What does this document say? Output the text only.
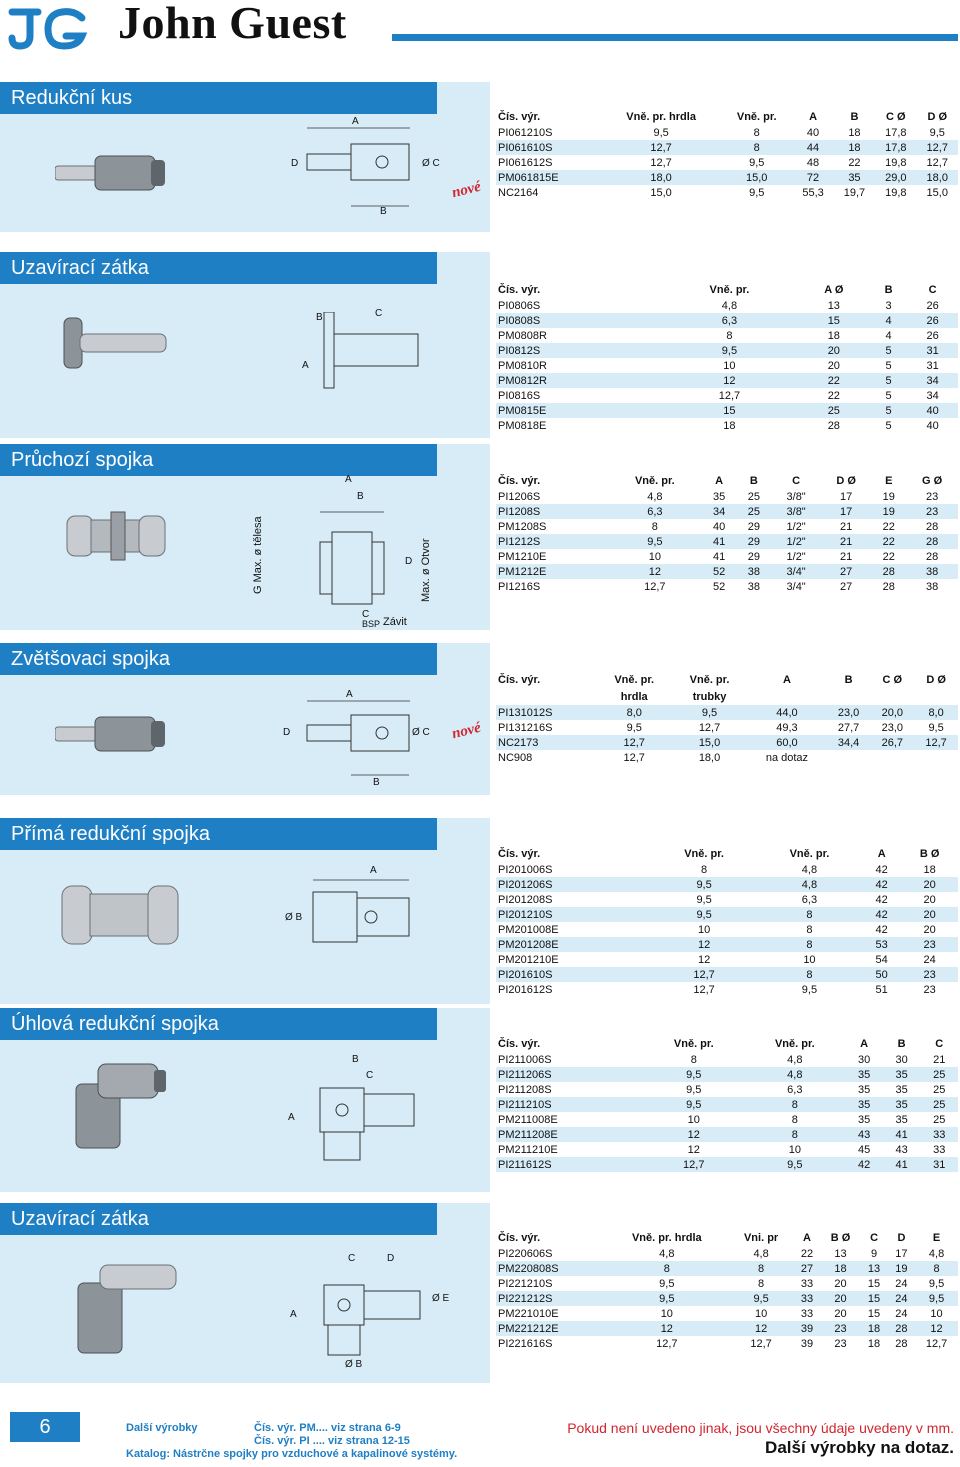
John Guest
Redukční kus
A
D	Ø C
B
nové
Čís. výr.	Vně. pr. hrdla	Vně. pr.	A	B	C Ø	D Ø
PI061210S	9,5	8	40	18	17,8	9,5
PI061610S	12,7	8	44	18	17,8	12,7
PI061612S	12,7	9,5	48	22	19,8	12,7
PM061815E	18,0	15,0	72	35	29,0	18,0
NC2164	15,0	9,5	55,3	19,7	19,8	15,0
Uzavírací zátka
B	C
A
Čís. výr.	Vně. pr.	A Ø	B	C
PI0806S	4,8	13	3	26
PI0808S	6,3	15	4	26
PM0808R	8	18	4	26
PI0812S	9,5	20	5	31
PM0810R	10	20	5	31
PM0812R	12	22	5	34
PI0816S	12,7	22	5	34
PM0815E	15	25	5	40
PM0818E	18	28	5	40
Průchozí spojka
A
B
D
G Max. ø tělesa	Max. ø Otvor
C
BSP Závit
Čís. výr.	Vně. pr.	A	B	C	D Ø	E	G Ø
PI1206S	4,8	35	25	3/8"	17	19	23
PI1208S	6,3	34	25	3/8"	17	19	23
PM1208S	8	40	29	1/2"	21	22	28
PI1212S	9,5	41	29	1/2"	21	22	28
PM1210E	10	41	29	1/2"	21	22	28
PM1212E	12	52	38	3/4"	27	28	38
PI1216S	12,7	52	38	3/4"	27	28	38
Zvětšovaci spojka
A
D	Ø C
B
nové
Čís. výr.	Vně. pr.	Vně. pr.	A	B	C Ø	D Ø
	hrdla	trubky				
PI131012S	8,0	9,5	44,0	23,0	20,0	8,0
PI131216S	9,5	12,7	49,3	27,7	23,0	9,5
NC2173	12,7	15,0	60,0	34,4	26,7	12,7
NC908	12,7	18,0	na dotaz			
Přímá redukční spojka
A
Ø B
Čís. výr.	Vně. pr.	Vně. pr.	A	B Ø
PI201006S	8	4,8	42	18
PI201206S	9,5	4,8	42	20
PI201208S	9,5	6,3	42	20
PI201210S	9,5	8	42	20
PM201008E	10	8	42	20
PM201208E	12	8	53	23
PM201210E	12	10	54	24
PI201610S	12,7	8	50	23
PI201612S	12,7	9,5	51	23
Úhlová redukční spojka
B
C
A
Čís. výr.	Vně. pr.	Vně. pr.	A	B	C
PI211006S	8	4,8	30	30	21
PI211206S	9,5	4,8	35	35	25
PI211208S	9,5	6,3	35	35	25
PI211210S	9,5	8	35	35	25
PM211008E	10	8	35	35	25
PM211208E	12	8	43	41	33
PM211210E	12	10	45	43	33
PI211612S	12,7	9,5	42	41	31
Uzavírací zátka
C	D
A
Ø E
Ø B
Čís. výr.	Vně. pr. hrdla	Vni. pr	A	B Ø	C	D	E
PI220606S	4,8	4,8	22	13	9	17	4,8
PM220808S	8	8	27	18	13	19	8
PI221210S	9,5	8	33	20	15	24	9,5
PI221212S	9,5	9,5	33	20	15	24	9,5
PM221010E	10	10	33	20	15	24	10
PM221212E	12	12	39	23	18	28	12
PI221616S	12,7	12,7	39	23	18	28	12,7
6	Další výrobky	Čís. výr. PM.... viz strana 6-9
Čís. výr. PI .... viz strana 12-15
Katalog: Nástrčne spojky pro vzduchové a kapalinové systémy.
Pokud není uvedeno jinak, jsou všechny údaje uvedeny v mm.
Další výrobky na dotaz.
